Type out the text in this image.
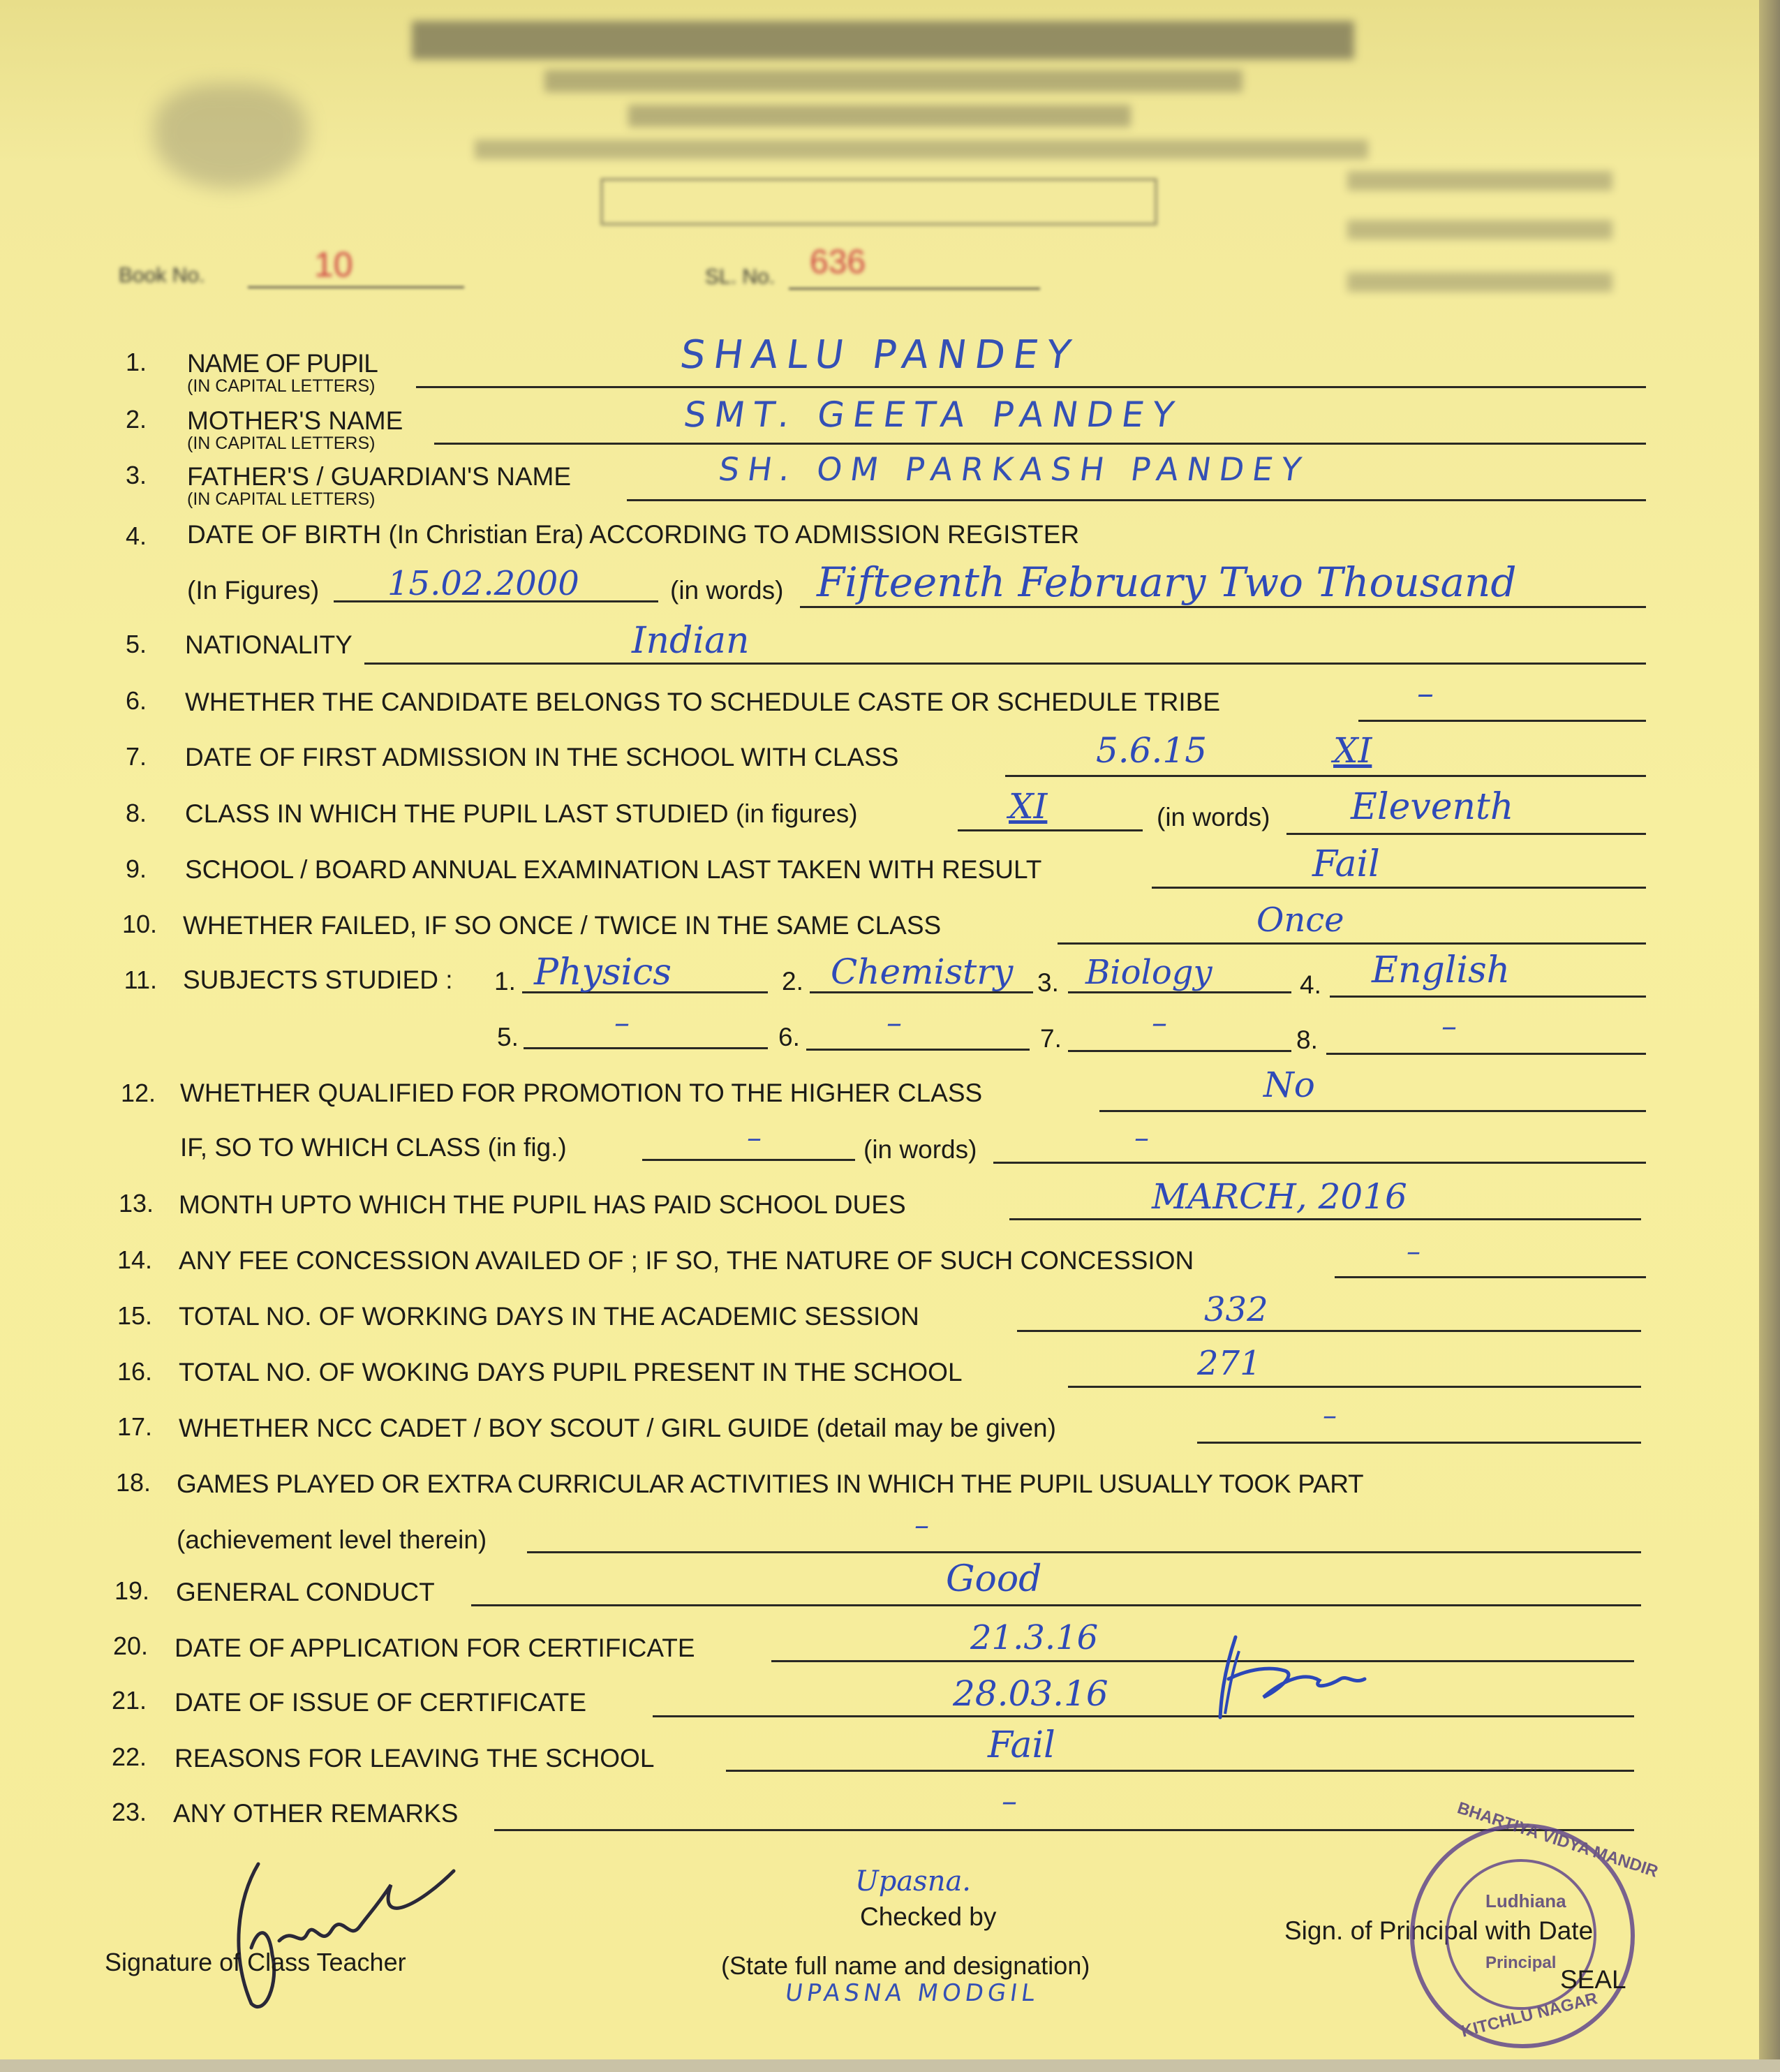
Book No.	10	SL. No. 636
1. NAME OF PUPIL
(IN CAPITAL LETTERS)
SHALU PANDEY
2. MOTHER'S NAME
(IN CAPITAL LETTERS)
SMT. GEETA PANDEY
3. FATHER'S / GUARDIAN'S NAME
(IN CAPITAL LETTERS)
SH. OM PARKASH PANDEY
4. DATE OF BIRTH (In Christian Era) ACCORDING TO ADMISSION REGISTER
(In Figures) 15.02.2000	(in words) Fifteenth February Two Thousand
5. NATIONALITY	Indian
6. WHETHER THE CANDIDATE BELONGS TO SCHEDULE CASTE OR SCHEDULE TRIBE	–
7. DATE OF FIRST ADMISSION IN THE SCHOOL WITH CLASS	5.6.15	XI
8. CLASS IN WHICH THE PUPIL LAST STUDIED (in figures)	XI	(in words) Eleventh
9. SCHOOL / BOARD ANNUAL EXAMINATION LAST TAKEN WITH RESULT	Fail
10. WHETHER FAILED, IF SO ONCE / TWICE IN THE SAME CLASS	Once
11. SUBJECTS STUDIED : 1. Physics	2. Chemistry 3. Biology	4. English
5.	–	6.	–	7.	–	8.	–
12. WHETHER QUALIFIED FOR PROMOTION TO THE HIGHER CLASS	No
IF, SO TO WHICH CLASS (in fig.)	–	(in words)	–
13. MONTH UPTO WHICH THE PUPIL HAS PAID SCHOOL DUES	MARCH, 2016
14. ANY FEE CONCESSION AVAILED OF ; IF SO, THE NATURE OF SUCH CONCESSION	–
15. TOTAL NO. OF WORKING DAYS IN THE ACADEMIC SESSION	332
16. TOTAL NO. OF WOKING DAYS PUPIL PRESENT IN THE SCHOOL	271
17. WHETHER NCC CADET / BOY SCOUT / GIRL GUIDE (detail may be given)	–
18. GAMES PLAYED OR EXTRA CURRICULAR ACTIVITIES IN WHICH THE PUPIL USUALLY TOOK PART
(achievement level therein)	–
19. GENERAL CONDUCT	Good
20. DATE OF APPLICATION FOR CERTIFICATE	21.3.16
21. DATE OF ISSUE OF CERTIFICATE	28.03.16
22. REASONS FOR LEAVING THE SCHOOL	Fail
23. ANY OTHER REMARKS	–
Signature of Class Teacher
Upasna.
Checked by
(State full name and designation)
UPASNA MODGIL
Sign. of Principal with Date
BHARTIYA VIDYA MANDIR
Ludhiana
Principal
KITCHLU NAGAR
SEAL
